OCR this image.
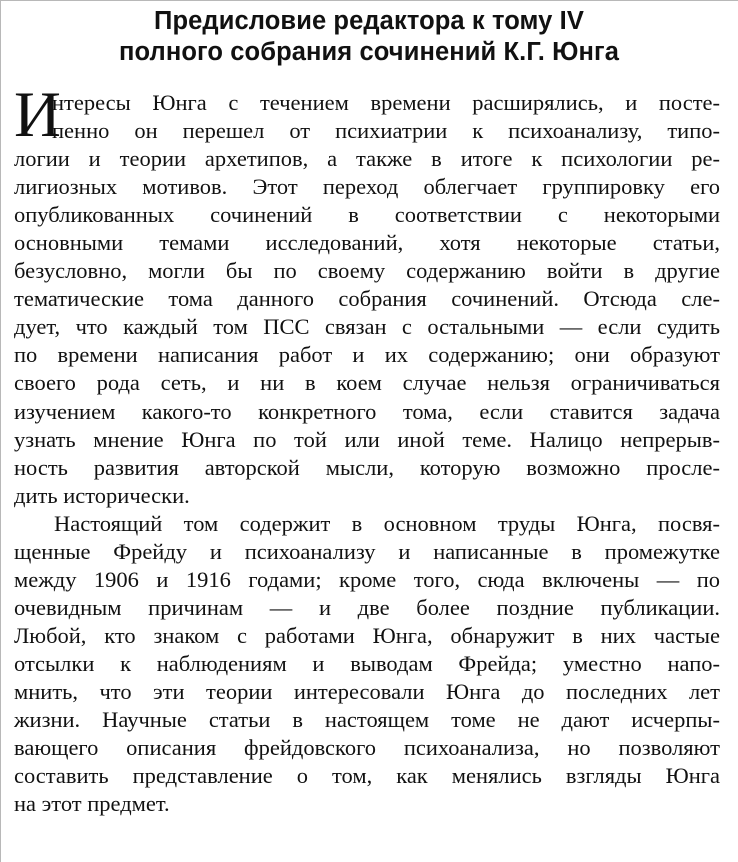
Предисловие редактора к тому IV
полного собрания сочинений К.Г. Юнга
И
нтересы Юнга с течением времени расширялись, и посте-
пенно он перешел от психиатрии к психоанализу, типо-
логии и теории архетипов, а также в итоге к психологии ре-
лигиозных мотивов. Этот переход облегчает группировку его
опубликованных сочинений в соответствии с некоторыми
основными темами исследований, хотя некоторые статьи,
безусловно, могли бы по своему содержанию войти в другие
тематические тома данного собрания сочинений. Отсюда сле-
дует, что каждый том ПСС связан с остальными — если судить
по времени написания работ и их содержанию; они образуют
своего рода сеть, и ни в коем случае нельзя ограничиваться
изучением какого-то конкретного тома, если ставится задача
узнать мнение Юнга по той или иной теме. Налицо непрерыв-
ность развития авторской мысли, которую возможно просле-
дить исторически.
Настоящий том содержит в основном труды Юнга, посвя-
щенные Фрейду и психоанализу и написанные в промежутке
между 1906 и 1916 годами; кроме того, сюда включены — по
очевидным причинам — и две более поздние публикации.
Любой, кто знаком с работами Юнга, обнаружит в них частые
отсылки к наблюдениям и выводам Фрейда; уместно напо-
мнить, что эти теории интересовали Юнга до последних лет
жизни. Научные статьи в настоящем томе не дают исчерпы-
вающего описания фрейдовского психоанализа, но позволяют
составить представление о том, как менялись взгляды Юнга
на этот предмет.
